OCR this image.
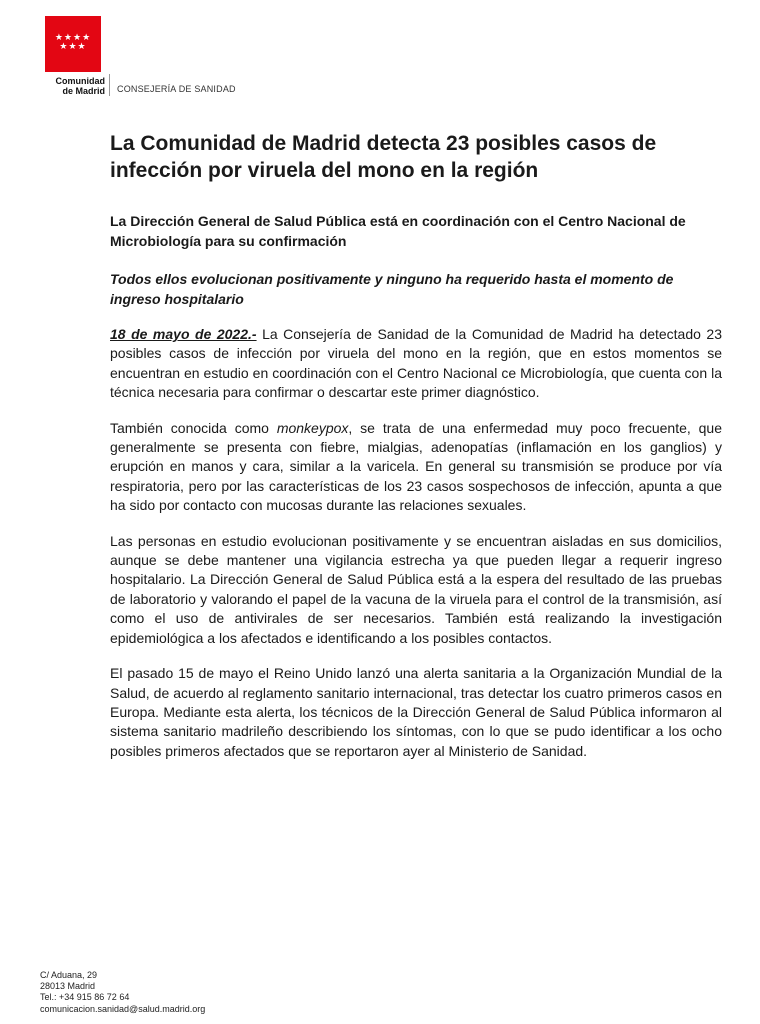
★★★★
★★★
Comunidad
de Madrid CONSEJERÍA DE SANIDAD
La Comunidad de Madrid detecta 23 posibles casos de infección por viruela del mono en la región

La Dirección General de Salud Pública está en coordinación con el Centro Nacional de Microbiología para su confirmación

Todos ellos evolucionan positivamente y ninguno ha requerido hasta el momento de ingreso hospitalario

18 de mayo de 2022.- La Consejería de Sanidad de la Comunidad de Madrid ha detectado 23 posibles casos de infección por viruela del mono en la región, que en estos momentos se encuentran en estudio en coordinación con el Centro Nacional ce Microbiología, que cuenta con la técnica necesaria para confirmar o descartar este primer diagnóstico.

También conocida como monkeypox, se trata de una enfermedad muy poco frecuente, que generalmente se presenta con fiebre, mialgias, adenopatías (inflamación en los ganglios) y erupción en manos y cara, similar a la varicela. En general su transmisión se produce por vía respiratoria, pero por las características de los 23 casos sospechosos de infección, apunta a que ha sido por contacto con mucosas durante las relaciones sexuales.

Las personas en estudio evolucionan positivamente y se encuentran aisladas en sus domicilios, aunque se debe mantener una vigilancia estrecha ya que pueden llegar a requerir ingreso hospitalario. La Dirección General de Salud Pública está a la espera del resultado de las pruebas de laboratorio y valorando el papel de la vacuna de la viruela para el control de la transmisión, así como el uso de antivirales de ser necesarios. También está realizando la investigación epidemiológica a los afectados e identificando a los posibles contactos.

El pasado 15 de mayo el Reino Unido lanzó una alerta sanitaria a la Organización Mundial de la Salud, de acuerdo al reglamento sanitario internacional, tras detectar los cuatro primeros casos en Europa. Mediante esta alerta, los técnicos de la Dirección General de Salud Pública informaron al sistema sanitario madrileño describiendo los síntomas, con lo que se pudo identificar a los ocho posibles primeros afectados que se reportaron ayer al Ministerio de Sanidad.

C/ Aduana, 29
28013 Madrid
Tel.: +34 915 86 72 64
comunicacion.sanidad@salud.madrid.org
